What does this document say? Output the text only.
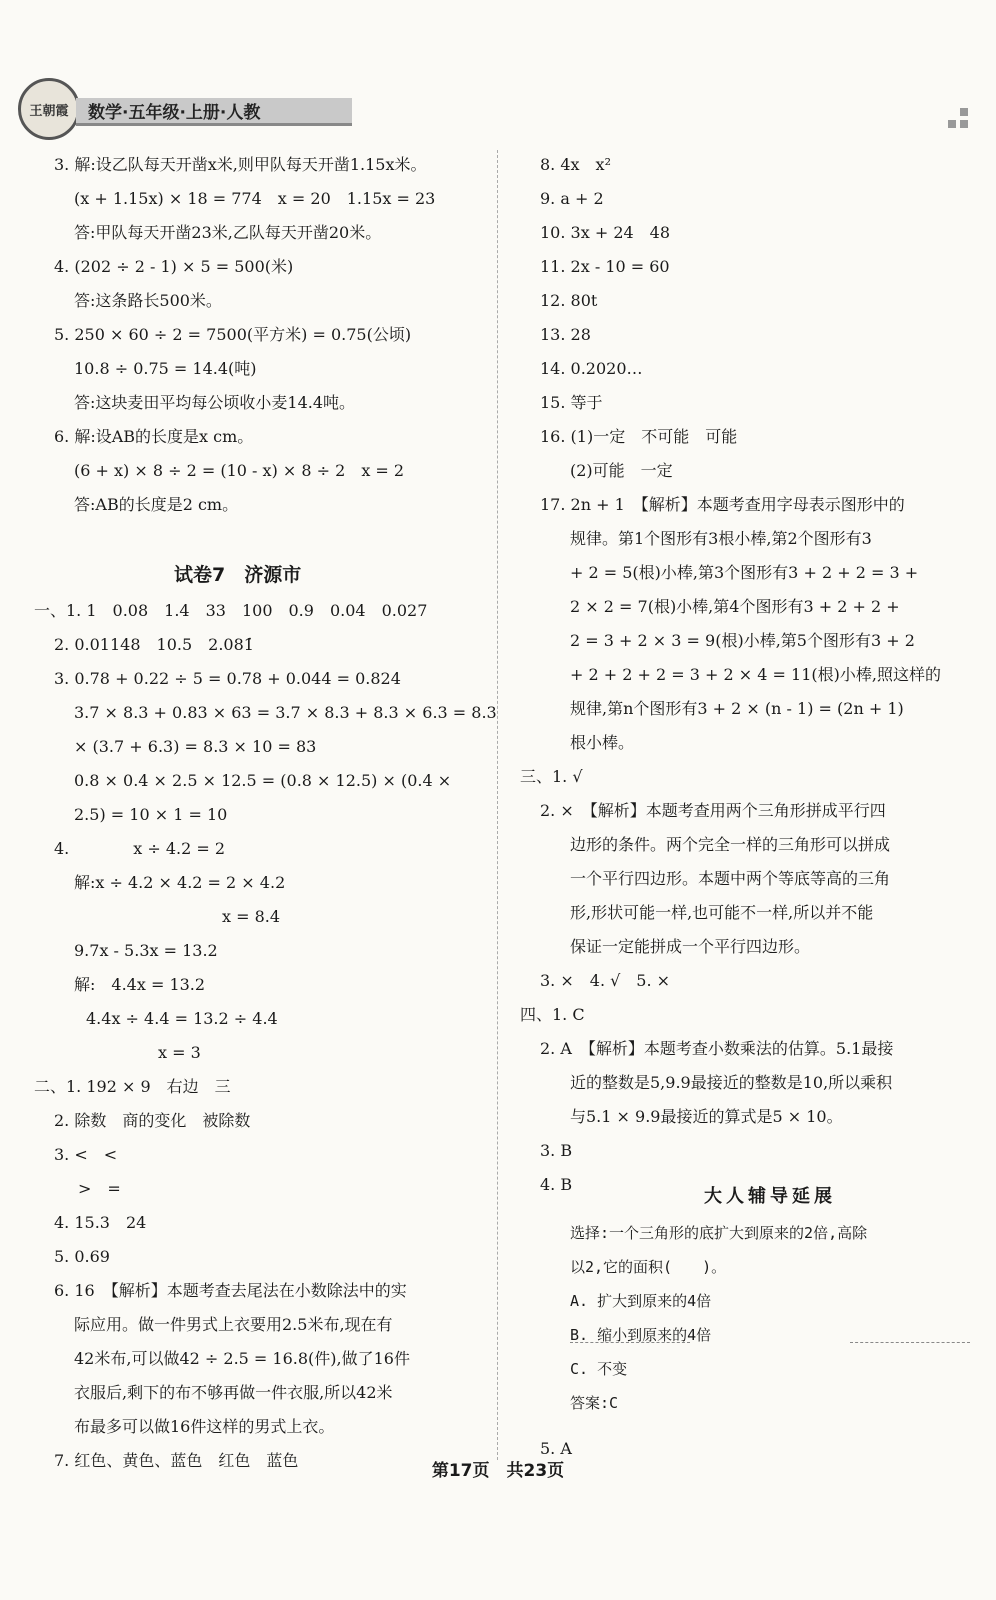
王朝霞	数学·五年级·上册·人教
3. 解:设乙队每天开凿x米,则甲队每天开凿1.15x米。
(x + 1.15x) × 18 = 774　x = 20　1.15x = 23
答:甲队每天开凿23米,乙队每天开凿20米。
4. (202 ÷ 2 - 1) × 5 = 500(米)
答:这条路长500米。
5. 250 × 60 ÷ 2 = 7500(平方米) = 0.75(公顷)
10.8 ÷ 0.75 = 14.4(吨)
答:这块麦田平均每公顷收小麦14.4吨。
6. 解:设AB的长度是x cm。
(6 + x) × 8 ÷ 2 = (10 - x) × 8 ÷ 2　x = 2
答:AB的长度是2 cm。
试卷7　济源市
一、1. 1　0.08　1.4　33　100　0.9　0.04　0.027
2. 0.01148　10.5　2.081̇
3. 0.78 + 0.22 ÷ 5 = 0.78 + 0.044 = 0.824
3.7 × 8.3 + 0.83 × 63 = 3.7 × 8.3 + 8.3 × 6.3 = 8.3
× (3.7 + 6.3) = 8.3 × 10 = 83
0.8 × 0.4 × 2.5 × 12.5 = (0.8 × 12.5) × (0.4 ×
2.5) = 10 × 1 = 10
4.　　　　x ÷ 4.2 = 2
解:x ÷ 4.2 × 4.2 = 2 × 4.2
x = 8.4
9.7x - 5.3x = 13.2
解:　4.4x = 13.2
4.4x ÷ 4.4 = 13.2 ÷ 4.4
x = 3
二、1. 192 × 9　右边　三
2. 除数　商的变化　被除数
3. <　<
>　=
4. 15.3　24
5. 0.69
6. 16　【解析】本题考查去尾法在小数除法中的实
际应用。做一件男式上衣要用2.5米布,现在有
42米布,可以做42 ÷ 2.5 = 16.8(件),做了16件
衣服后,剩下的布不够再做一件衣服,所以42米
布最多可以做16件这样的男式上衣。
7. 红色、黄色、蓝色　红色　蓝色
8. 4x　x²
9. a + 2
10. 3x + 24　48
11. 2x - 10 = 60
12. 80t
13. 28
14. 0.2020…
15. 等于
16. (1)一定　不可能　可能
(2)可能　一定
17. 2n + 1　【解析】本题考查用字母表示图形中的
规律。第1个图形有3根小棒,第2个图形有3
+ 2 = 5(根)小棒,第3个图形有3 + 2 + 2 = 3 +
2 × 2 = 7(根)小棒,第4个图形有3 + 2 + 2 +
2 = 3 + 2 × 3 = 9(根)小棒,第5个图形有3 + 2
+ 2 + 2 + 2 = 3 + 2 × 4 = 11(根)小棒,照这样的
规律,第n个图形有3 + 2 × (n - 1) = (2n + 1)
根小棒。
三、1. √
2. ×　【解析】本题考查用两个三角形拼成平行四
边形的条件。两个完全一样的三角形可以拼成
一个平行四边形。本题中两个等底等高的三角
形,形状可能一样,也可能不一样,所以并不能
保证一定能拼成一个平行四边形。
3. ×　4. √　5. ×
四、1. C
2. A　【解析】本题考查小数乘法的估算。5.1最接
近的整数是5,9.9最接近的整数是10,所以乘积
与5.1 × 9.9最接近的算式是5 × 10。
3. B
4. B
大人辅导延展
选择:一个三角形的底扩大到原来的2倍,高除
以2,它的面积(　　)。
A. 扩大到原来的4倍
B. 缩小到原来的4倍
C. 不变
答案:C
5. A
第17页　共23页
